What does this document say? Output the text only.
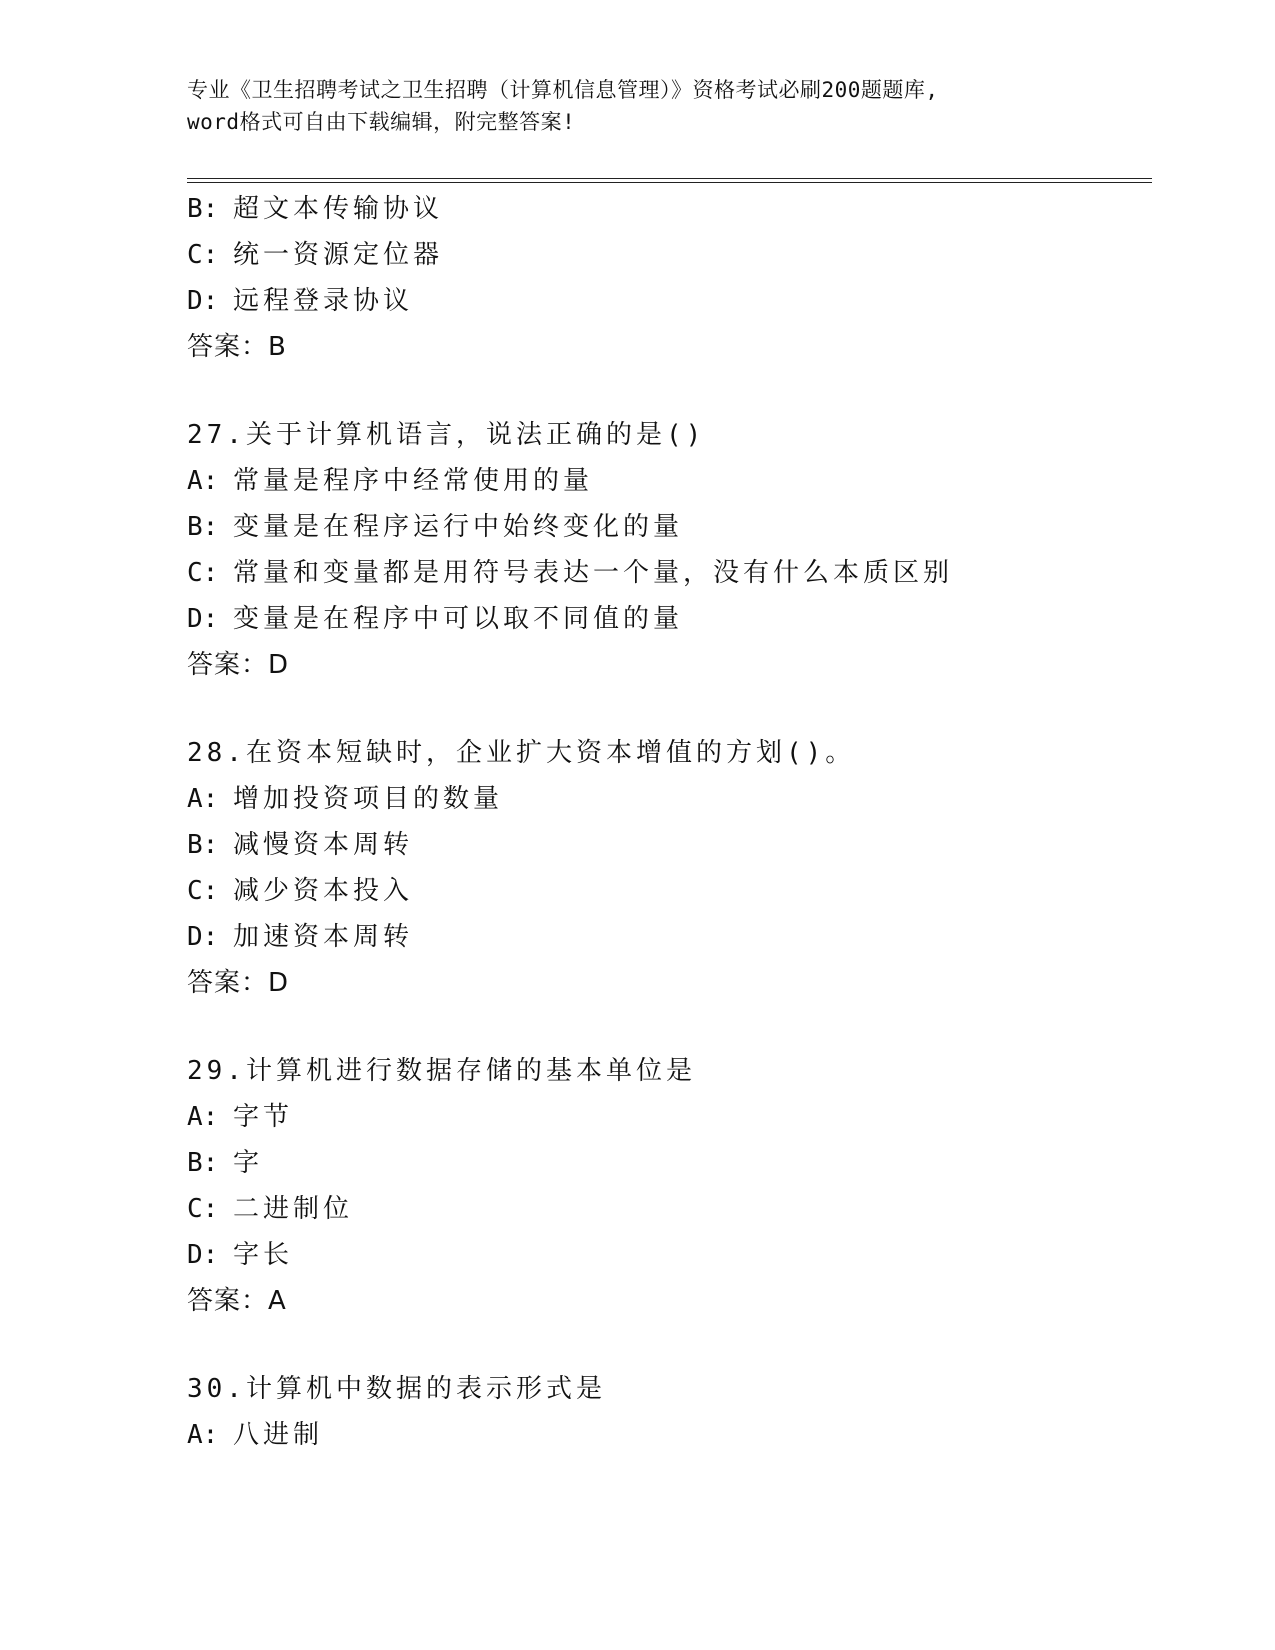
专业《卫生招聘考试之卫生招聘（计算机信息管理）》资格考试必刷200题题库,
word格式可自由下载编辑，附完整答案!
B: 超文本传输协议
C: 统一资源定位器
D: 远程登录协议
答案：B
27.关于计算机语言，说法正确的是()
A: 常量是程序中经常使用的量
B: 变量是在程序运行中始终变化的量
C: 常量和变量都是用符号表达一个量，没有什么本质区别
D: 变量是在程序中可以取不同值的量
答案：D
28.在资本短缺时，企业扩大资本增值的方划()。
A: 增加投资项目的数量
B: 减慢资本周转
C: 减少资本投入
D: 加速资本周转
答案：D
29.计算机进行数据存储的基本单位是
A: 字节
B: 字
C: 二进制位
D: 字长
答案：A
30.计算机中数据的表示形式是
A: 八进制
